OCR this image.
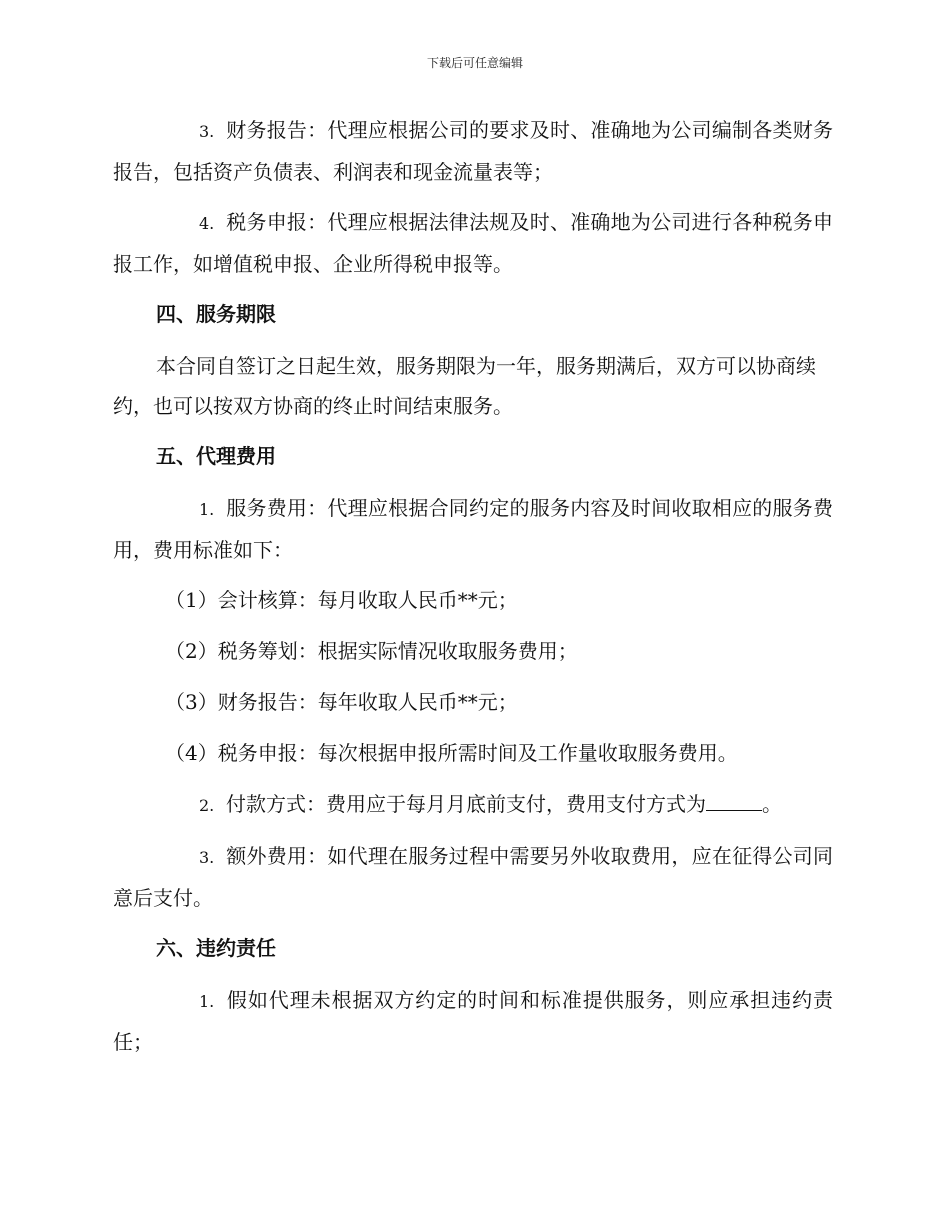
下载后可任意编辑

3. 财务报告：代理应根据公司的要求及时、准确地为公司编制各类财务报告，包括资产负债表、利润表和现金流量表等；

4. 税务申报：代理应根据法律法规及时、准确地为公司进行各种税务申报工作，如增值税申报、企业所得税申报等。

四、服务期限

本合同自签订之日起生效，服务期限为一年，服务期满后，双方可以协商续约，也可以按双方协商的终止时间结束服务。

五、代理费用

1. 服务费用：代理应根据合同约定的服务内容及时间收取相应的服务费用，费用标准如下：

（1）会计核算：每月收取人民币**元；
（2）税务筹划：根据实际情况收取服务费用；
（3）财务报告：每年收取人民币**元；
（4）税务申报：每次根据申报所需时间及工作量收取服务费用。

2. 付款方式：费用应于每月月底前支付，费用支付方式为	。

3. 额外费用：如代理在服务过程中需要另外收取费用，应在征得公司同意后支付。

六、违约责任

1. 假如代理未根据双方约定的时间和标准提供服务，则应承担违约责任；
